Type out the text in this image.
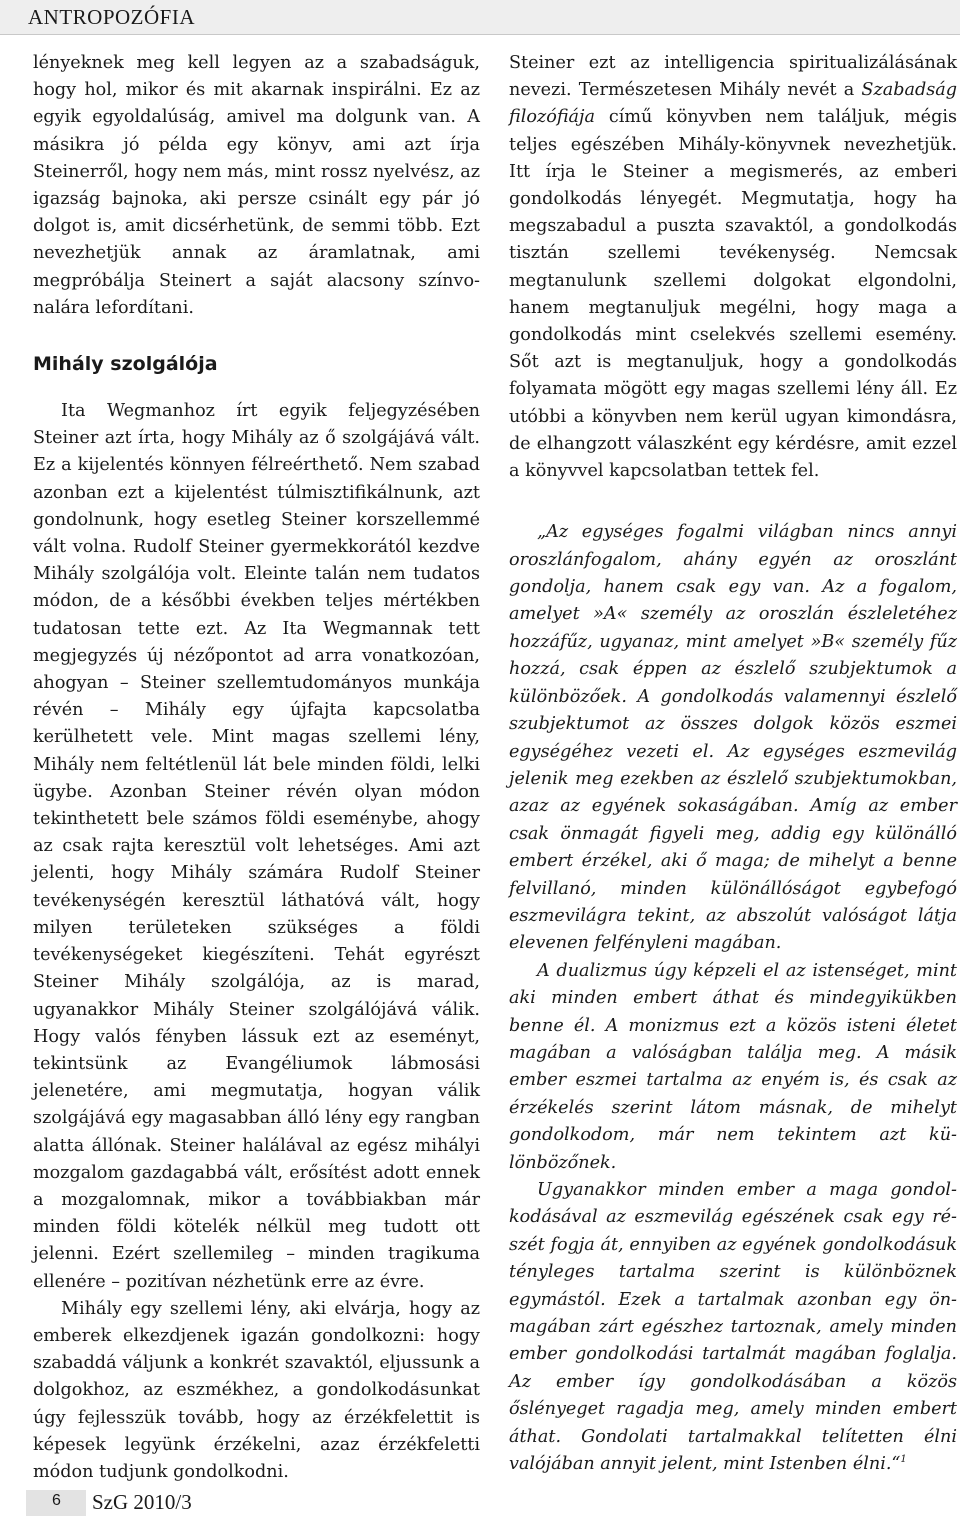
ANTROPOZÓFIA

lényeknek meg kell legyen az a szabadságuk, hogy hol, mikor és mit akarnak inspirálni. Ez az egyik egyoldalúság, amivel ma dolgunk van. A másikra jó példa egy könyv, ami azt írja Steinerről, hogy nem más, mint rossz nyelvész, az igazság bajnoka, aki persze csinált egy pár jó dolgot is, amit dicsérhetünk, de semmi több. Ezt nevezhetjük annak az áramlatnak, ami megpróbálja Steinert a saját alacsony színvonalára lefordítani.

Mihály szolgálója

Ita Wegmanhoz írt egyik feljegyzésében Steiner azt írta, hogy Mihály az ő szolgájává vált. Ez a kijelentés könnyen félreérthető. Nem szabad azonban ezt a kijelentést túlmisztifikálnunk, azt gondolnunk, hogy esetleg Steiner korszellemmé vált volna. Rudolf Steiner gyermekkorától kezdve Mihály szolgálója volt. Eleinte talán nem tudatos módon, de a későbbi években teljes mértékben tudatosan tette ezt. Az Ita Wegmannak tett megjegyzés új nézőpontot ad arra vonatkozóan, ahogyan – Steiner szellemtudományos munkája révén – Mihály egy újfajta kapcsolatba kerülhetett vele. Mint magas szellemi lény, Mihály nem feltétlenül lát bele minden földi, lelki ügybe. Azonban Steiner révén olyan módon tekinthetett bele számos földi eseménybe, ahogy az csak rajta keresztül volt lehetséges. Ami azt jelenti, hogy Mihály számára Rudolf Steiner tevékenységén keresztül láthatóvá vált, hogy milyen területeken szükséges a földi tevékenységeket kiegészíteni. Tehát egyrészt Steiner Mihály szolgálója, az is marad, ugyanakkor Mihály Steiner szolgálójává válik. Hogy valós fényben lássuk ezt az eseményt, tekintsünk az Evangéliumok lábmosási jelenetére, ami megmutatja, hogyan válik szolgájává egy magasabban álló lény egy rangban alatta állónak. Steiner halálával az egész mihályi mozgalom gazdagabbá vált, erősítést adott ennek a mozgalomnak, mikor a továbbiakban már minden földi kötelék nélkül meg tudott ott jelenni. Ezért szellemileg – minden tragikuma ellenére – pozitívan nézhetünk erre az évre.

Mihály egy szellemi lény, aki elvárja, hogy az emberek elkezdjenek igazán gondolkozni: hogy szabaddá váljunk a konkrét szavaktól, eljussunk a dolgokhoz, az eszmékhez, a gondolkodásunkat úgy fejlesszük tovább, hogy az érzékfelettit is képesek legyünk érzékelni, azaz érzékfeletti módon tudjunk gondolkodni.

Steiner ezt az intelligencia spiritualizálásának nevezi. Természetesen Mihály nevét a Szabadság filozófiája című könyvben nem találjuk, mégis teljes egészében Mihály-könyvnek nevezhetjük. Itt írja le Steiner a megismerés, az emberi gondolkodás lényegét. Megmutatja, hogy ha megszabadul a puszta szavaktól, a gondolkodás tisztán szellemi tevékenység. Nemcsak megtanulunk szellemi dolgokat elgondolni, hanem megtanuljuk megélni, hogy maga a gondolkodás mint cselekvés szellemi esemény. Sőt azt is megtanuljuk, hogy a gondolkodás folyamata mögött egy magas szellemi lény áll. Ez utóbbi a könyvben nem kerül ugyan kimondásra, de elhangzott válaszként egy kérdésre, amit ezzel a könyvvel kapcsolatban tettek fel.

„Az egységes fogalmi világban nincs annyi oroszlánfogalom, ahány egyén az oroszlánt gondolja, hanem csak egy van. Az a fogalom, amelyet »A« személy az oroszlán észleletéhez hozzáfűz, ugyanaz, mint amelyet »B« személy fűz hozzá, csak éppen az észlelő szubjektumok a különbözőek. A gondolkodás valamennyi észlelő szubjektumot az összes dolgok közös eszmei egységéhez vezeti el. Az egységes eszmevilág jelenik meg ezekben az észlelő szubjektumokban, azaz az egyének sokaságában. Amíg az ember csak önmagát figyeli meg, addig egy különálló embert érzékel, aki ő maga; de mihelyt a benne felvillanó, minden különállóságot egybefogó eszmevilágra tekint, az abszolút valóságot látja elevenen felfényleni magában.

A dualizmus úgy képzeli el az istenséget, mint aki minden embert áthat és mindegyikükben benne él. A monizmus ezt a közös isteni életet magában a valóságban találja meg. A másik ember eszmei tartalma az enyém is, és csak az érzékelés szerint látom másnak, de mihelyt gondolkodom, már nem tekintem azt különbözőnek.

Ugyanakkor minden ember a maga gondolkodásával az eszmevilág egészének csak egy részét fogja át, ennyiben az egyének gondolkodásuk tényleges tartalma szerint is különböznek egymástól. Ezek a tartalmak azonban egy önmagában zárt egészhez tartoznak, amely minden ember gondolkodási tartalmát magában foglalja. Az ember így gondolkodásában a közös őslényeget ragadja meg, amely minden embert áthat. Gondolati tartalmakkal telítetten élni valójában annyit jelent, mint Istenben élni.“$^1$

6 SzG 2010/3
